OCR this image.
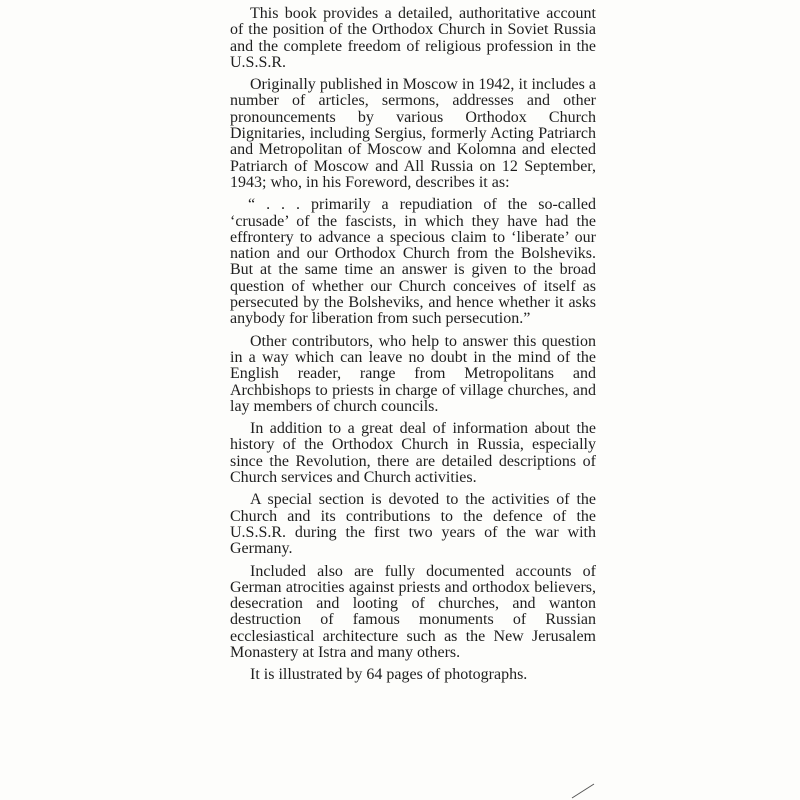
This book provides a detailed, authoritative account of the position of the Orthodox Church in Soviet Russia and the complete freedom of religious profession in the U.S.S.R.

Originally published in Moscow in 1942, it includes a number of articles, sermons, addresses and other pronouncements by various Orthodox Church Dignitaries, including Sergius, formerly Acting Patriarch and Metropolitan of Moscow and Kolomna and elected Patriarch of Moscow and All Russia on 12 September, 1943; who, in his Foreword, describes it as:

“ . . . primarily a repudiation of the so-called ‘crusade’ of the fascists, in which they have had the effrontery to advance a specious claim to ‘liberate’ our nation and our Orthodox Church from the Bolsheviks. But at the same time an answer is given to the broad question of whether our Church conceives of itself as persecuted by the Bolsheviks, and hence whether it asks anybody for liberation from such persecution.”

Other contributors, who help to answer this question in a way which can leave no doubt in the mind of the English reader, range from Metropolitans and Archbishops to priests in charge of village churches, and lay members of church councils.

In addition to a great deal of information about the history of the Orthodox Church in Russia, especially since the Revolution, there are detailed descriptions of Church services and Church activities.

A special section is devoted to the activities of the Church and its contributions to the defence of the U.S.S.R. during the first two years of the war with Germany.

Included also are fully documented accounts of German atrocities against priests and orthodox believers, desecration and looting of churches, and wanton destruction of famous monuments of Russian ecclesiastical architecture such as the New Jerusalem Monastery at Istra and many others.

It is illustrated by 64 pages of photographs.
